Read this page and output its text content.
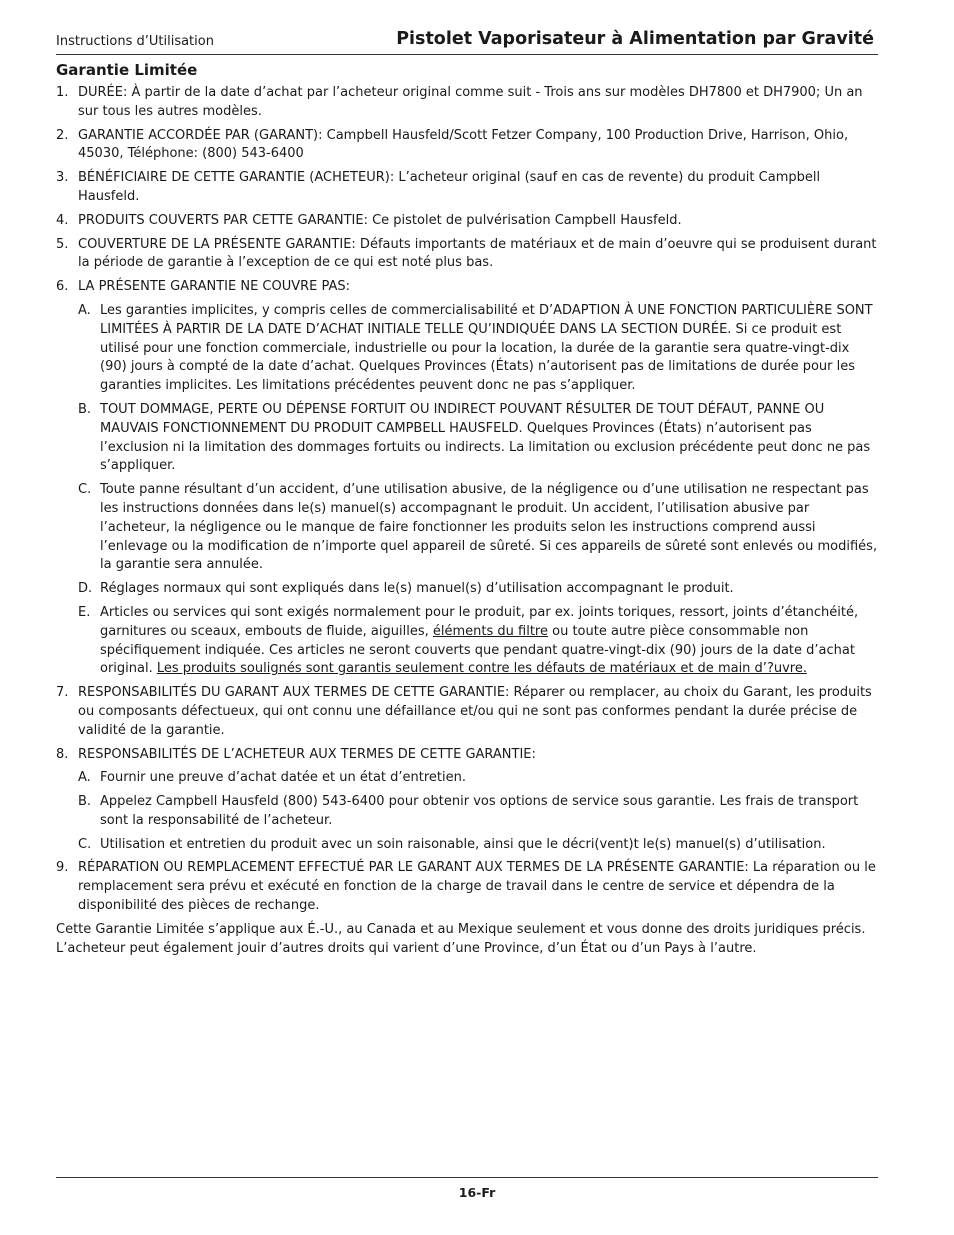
Instructions d’Utilisation	Pistolet Vaporisateur à Alimentation par Gravité
Garantie Limitée
1. DURÉE: À partir de la date d’achat par l’acheteur original comme suit - Trois ans sur modèles DH7800 et DH7900; Un an sur tous les autres modèles.
2. GARANTIE ACCORDÉE PAR (GARANT): Campbell Hausfeld/Scott Fetzer Company, 100 Production Drive, Harrison, Ohio, 45030, Téléphone: (800) 543-6400
3. BÉNÉFICIAIRE DE CETTE GARANTIE (ACHETEUR): L’acheteur original (sauf en cas de revente) du produit Campbell Hausfeld.
4. PRODUITS COUVERTS PAR CETTE GARANTIE: Ce pistolet de pulvérisation Campbell Hausfeld.
5. COUVERTURE DE LA PRÉSENTE GARANTIE: Défauts importants de matériaux et de main d’oeuvre qui se produisent durant la période de garantie à l’exception de ce qui est noté plus bas.
6. LA PRÉSENTE GARANTIE NE COUVRE PAS:
A. Les garanties implicites, y compris celles de commercialisabilité et D’ADAPTION À UNE FONCTION PARTICULIÈRE SONT LIMITÉES À PARTIR DE LA DATE D’ACHAT INITIALE TELLE QU’INDIQUÉE DANS LA SECTION DURÉE. Si ce produit est utilisé pour une fonction commerciale, industrielle ou pour la location, la durée de la garantie sera quatre-vingt-dix (90) jours à compté de la date d’achat. Quelques Provinces (États) n’autorisent pas de limitations de durée pour les garanties implicites. Les limitations précédentes peuvent donc ne pas s’appliquer.
B. TOUT DOMMAGE, PERTE OU DÉPENSE FORTUIT OU INDIRECT POUVANT RÉSULTER DE TOUT DÉFAUT, PANNE OU MAUVAIS FONCTIONNEMENT DU PRODUIT CAMPBELL HAUSFELD. Quelques Provinces (États) n’autorisent pas l’exclusion ni la limitation des dommages fortuits ou indirects. La limitation ou exclusion précédente peut donc ne pas s’appliquer.
C. Toute panne résultant d’un accident, d’une utilisation abusive, de la négligence ou d’une utilisation ne respectant pas les instructions données dans le(s) manuel(s) accompagnant le produit. Un accident, l’utilisation abusive par l’acheteur, la négligence ou le manque de faire fonctionner les produits selon les instructions comprend aussi l’enlevage ou la modification de n’importe quel appareil de sûreté. Si ces appareils de sûreté sont enlevés ou modifiés, la garantie sera annulée.
D. Réglages normaux qui sont expliqués dans le(s) manuel(s) d’utilisation accompagnant le produit.
E. Articles ou services qui sont exigés normalement pour le produit, par ex. joints toriques, ressort, joints d’étanchéité, garnitures ou sceaux, embouts de fluide, aiguilles, éléments du filtre ou toute autre pièce consommable non spécifiquement indiquée. Ces articles ne seront couverts que pendant quatre-vingt-dix (90) jours de la date d’achat original. Les produits soulignés sont garantis seulement contre les défauts de matériaux et de main d’?uvre.
7. RESPONSABILITÉS DU GARANT AUX TERMES DE CETTE GARANTIE: Réparer ou remplacer, au choix du Garant, les produits ou composants défectueux, qui ont connu une défaillance et/ou qui ne sont pas conformes pendant la durée précise de validité de la garantie.
8. RESPONSABILITÉS DE L’ACHETEUR AUX TERMES DE CETTE GARANTIE:
A. Fournir une preuve d’achat datée et un état d’entretien.
B. Appelez Campbell Hausfeld (800) 543-6400 pour obtenir vos options de service sous garantie. Les frais de transport sont la responsabilité de l’acheteur.
C. Utilisation et entretien du produit avec un soin raisonable, ainsi que le décri(vent)t le(s) manuel(s) d’utilisation.
9. RÉPARATION OU REMPLACEMENT EFFECTUÉ PAR LE GARANT AUX TERMES DE LA PRÉSENTE GARANTIE: La réparation ou le remplacement sera prévu et exécuté en fonction de la charge de travail dans le centre de service et dépendra de la disponibilité des pièces de rechange.
Cette Garantie Limitée s’applique aux É.-U., au Canada et au Mexique seulement et vous donne des droits juridiques précis. L’acheteur peut également jouir d’autres droits qui varient d’une Province, d’un État ou d’un Pays à l’autre.
16-Fr
